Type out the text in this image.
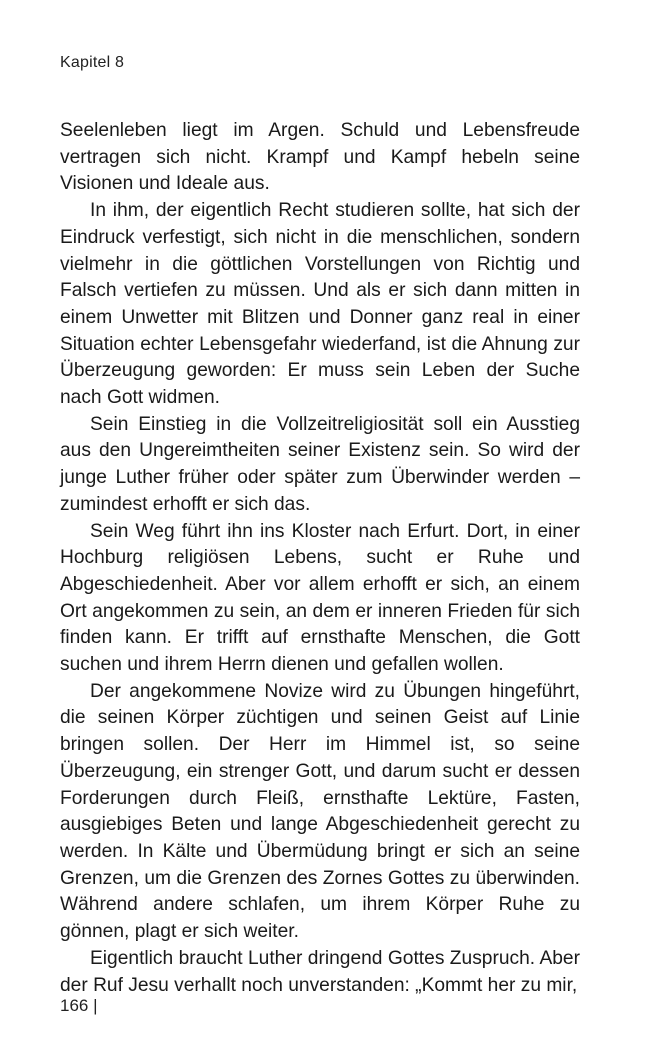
Kapitel 8

Seelenleben liegt im Argen. Schuld und Lebensfreude vertragen sich nicht. Krampf und Kampf hebeln seine Visionen und Ideale aus.

In ihm, der eigentlich Recht studieren sollte, hat sich der Eindruck verfestigt, sich nicht in die menschlichen, sondern vielmehr in die göttlichen Vorstellungen von Richtig und Falsch vertiefen zu müssen. Und als er sich dann mitten in einem Unwetter mit Blitzen und Donner ganz real in einer Situation echter Lebensgefahr wiederfand, ist die Ahnung zur Überzeugung geworden: Er muss sein Leben der Suche nach Gott widmen.

Sein Einstieg in die Vollzeitreligiosität soll ein Ausstieg aus den Ungereimtheiten seiner Existenz sein. So wird der junge Luther früher oder später zum Überwinder werden – zumindest erhofft er sich das.

Sein Weg führt ihn ins Kloster nach Erfurt. Dort, in einer Hochburg religiösen Lebens, sucht er Ruhe und Abgeschiedenheit. Aber vor allem erhofft er sich, an einem Ort angekommen zu sein, an dem er inneren Frieden für sich finden kann. Er trifft auf ernsthafte Menschen, die Gott suchen und ihrem Herrn dienen und gefallen wollen.

Der angekommene Novize wird zu Übungen hingeführt, die seinen Körper züchtigen und seinen Geist auf Linie bringen sollen. Der Herr im Himmel ist, so seine Überzeugung, ein strenger Gott, und darum sucht er dessen Forderungen durch Fleiß, ernsthafte Lektüre, Fasten, ausgiebiges Beten und lange Abgeschiedenheit gerecht zu werden. In Kälte und Übermüdung bringt er sich an seine Grenzen, um die Grenzen des Zornes Gottes zu überwinden. Während andere schlafen, um ihrem Körper Ruhe zu gönnen, plagt er sich weiter.

Eigentlich braucht Luther dringend Gottes Zuspruch. Aber der Ruf Jesu verhallt noch unverstanden: „Kommt her zu mir,

166 |
